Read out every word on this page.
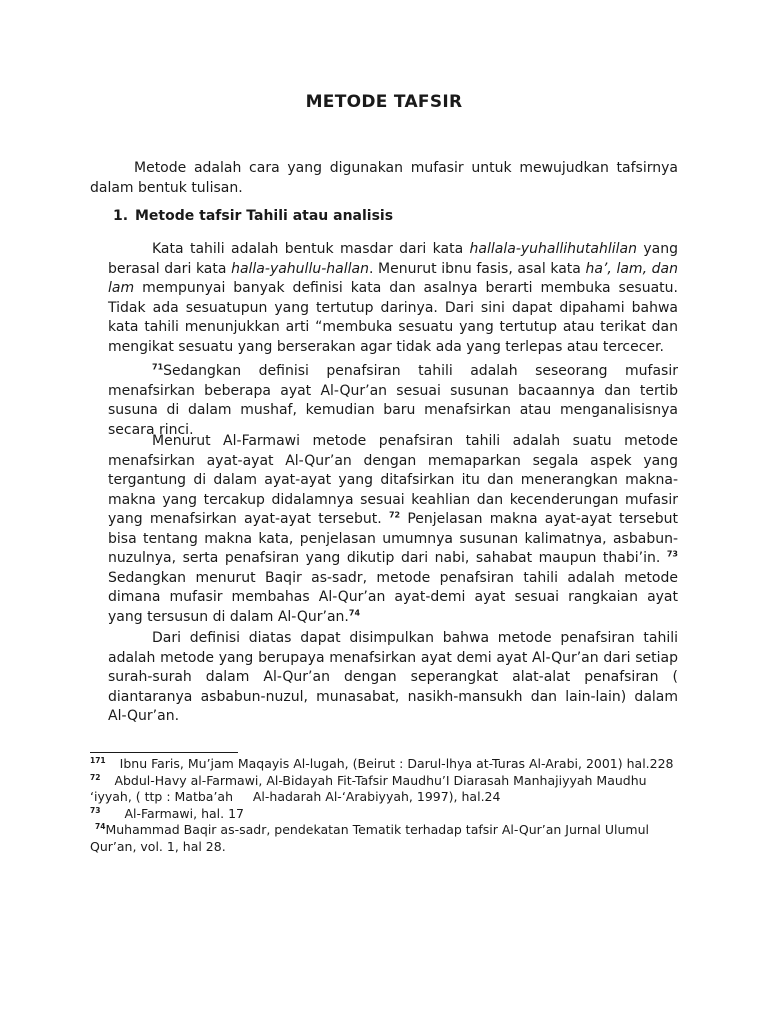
METODE TAFSIR

Metode adalah cara yang digunakan mufasir untuk mewujudkan tafsirnya dalam bentuk tulisan.

1. Metode tafsir Tahili atau analisis

Kata tahili adalah bentuk masdar dari kata hallala-yuhallihutahlilan yang berasal dari kata halla-yahullu-hallan. Menurut ibnu fasis, asal kata ha’, lam, dan lam mempunyai banyak definisi kata dan asalnya berarti membuka sesuatu. Tidak ada sesuatupun yang tertutup darinya. Dari sini dapat dipahami bahwa kata tahili menunjukkan arti “membuka sesuatu yang tertutup atau terikat dan mengikat sesuatu yang berserakan agar tidak ada yang terlepas atau tercecer.

$^{71}$Sedangkan definisi penafsiran tahili adalah seseorang mufasir menafsirkan beberapa ayat Al-Qur’an sesuai susunan bacaannya dan tertib susuna di dalam mushaf, kemudian baru menafsirkan atau menganalisisnya secara rinci.

Menurut Al-Farmawi metode penafsiran tahili adalah suatu metode menafsirkan ayat-ayat Al-Qur’an dengan memaparkan segala aspek yang tergantung di dalam ayat-ayat yang ditafsirkan itu dan menerangkan makna-makna yang tercakup didalamnya sesuai keahlian dan kecenderungan mufasir yang menafsirkan ayat-ayat tersebut. $^{72}$ Penjelasan makna ayat-ayat tersebut bisa tentang makna kata, penjelasan umumnya susunan kalimatnya, asbabun-nuzulnya, serta penafsiran yang dikutip dari nabi, sahabat maupun thabi’in. $^{73}$ Sedangkan menurut Baqir as-sadr, metode penafsiran tahili adalah metode dimana mufasir membahas Al-Qur’an ayat-demi ayat sesuai rangkaian ayat yang tersusun di dalam Al-Qur’an.$^{74}$

Dari definisi diatas dapat disimpulkan bahwa metode penafsiran tahili adalah metode yang berupaya menafsirkan ayat demi ayat Al-Qur’an dari setiap surah-surah dalam Al-Qur’an dengan seperangkat alat-alat penafsiran ( diantaranya asbabun-nuzul, munasabat, nasikh-mansukh dan lain-lain) dalam Al-Qur’an.

$^{171}$ Ibnu Faris, Mu’jam Maqayis Al-lugah, (Beirut : Darul-lhya at-Turas Al-Arabi, 2001) hal.228

$^{72}$ Abdul-Havy al-Farmawi, Al-Bidayah Fit-Tafsir Maudhu’I Diarasah Manhajiyyah Maudhu ‘iyyah, ( ttp : Matba’ah     Al-hadarah Al-‘Arabiyyah, 1997), hal.24

$^{73}$ Al-Farmawi, hal. 17

$^{74}$Muhammad Baqir as-sadr, pendekatan Tematik terhadap tafsir Al-Qur’an Jurnal Ulumul Qur’an, vol. 1, hal 28.
